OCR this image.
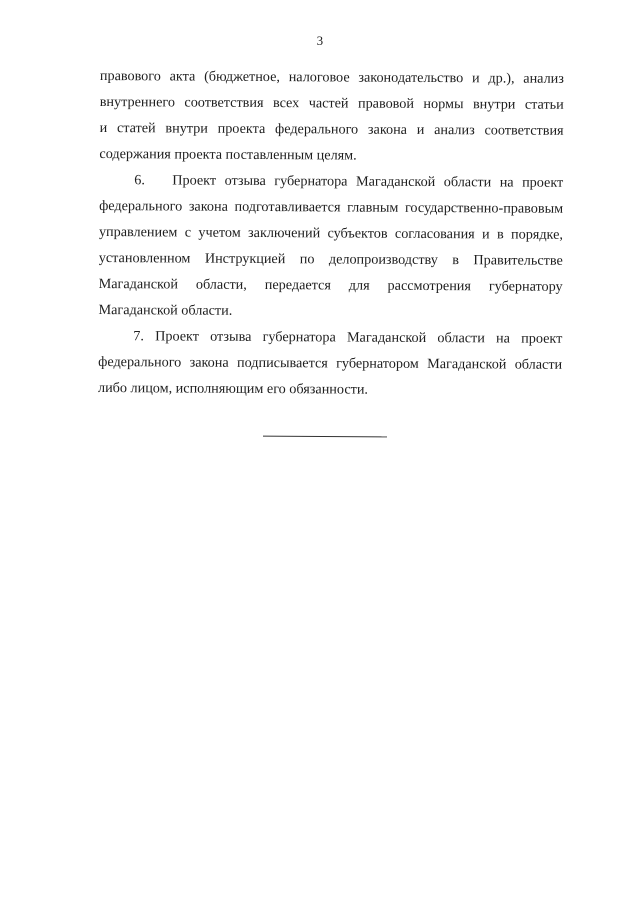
3
правового акта (бюджетное, налоговое законодательство и др.), анализ
внутреннего соответствия всех частей правовой нормы внутри статьи
и статей внутри проекта федерального закона и анализ соответствия
содержания проекта поставленным целям.
6. Проект отзыва губернатора Магаданской области на проект
федерального закона подготавливается главным государственно-правовым
управлением с учетом заключений субъектов согласования и в порядке,
установленном Инструкцией по делопроизводству в Правительстве
Магаданской области, передается для рассмотрения губернатору
Магаданской области.
7. Проект отзыва губернатора Магаданской области на проект
федерального закона подписывается губернатором Магаданской области
либо лицом, исполняющим его обязанности.
